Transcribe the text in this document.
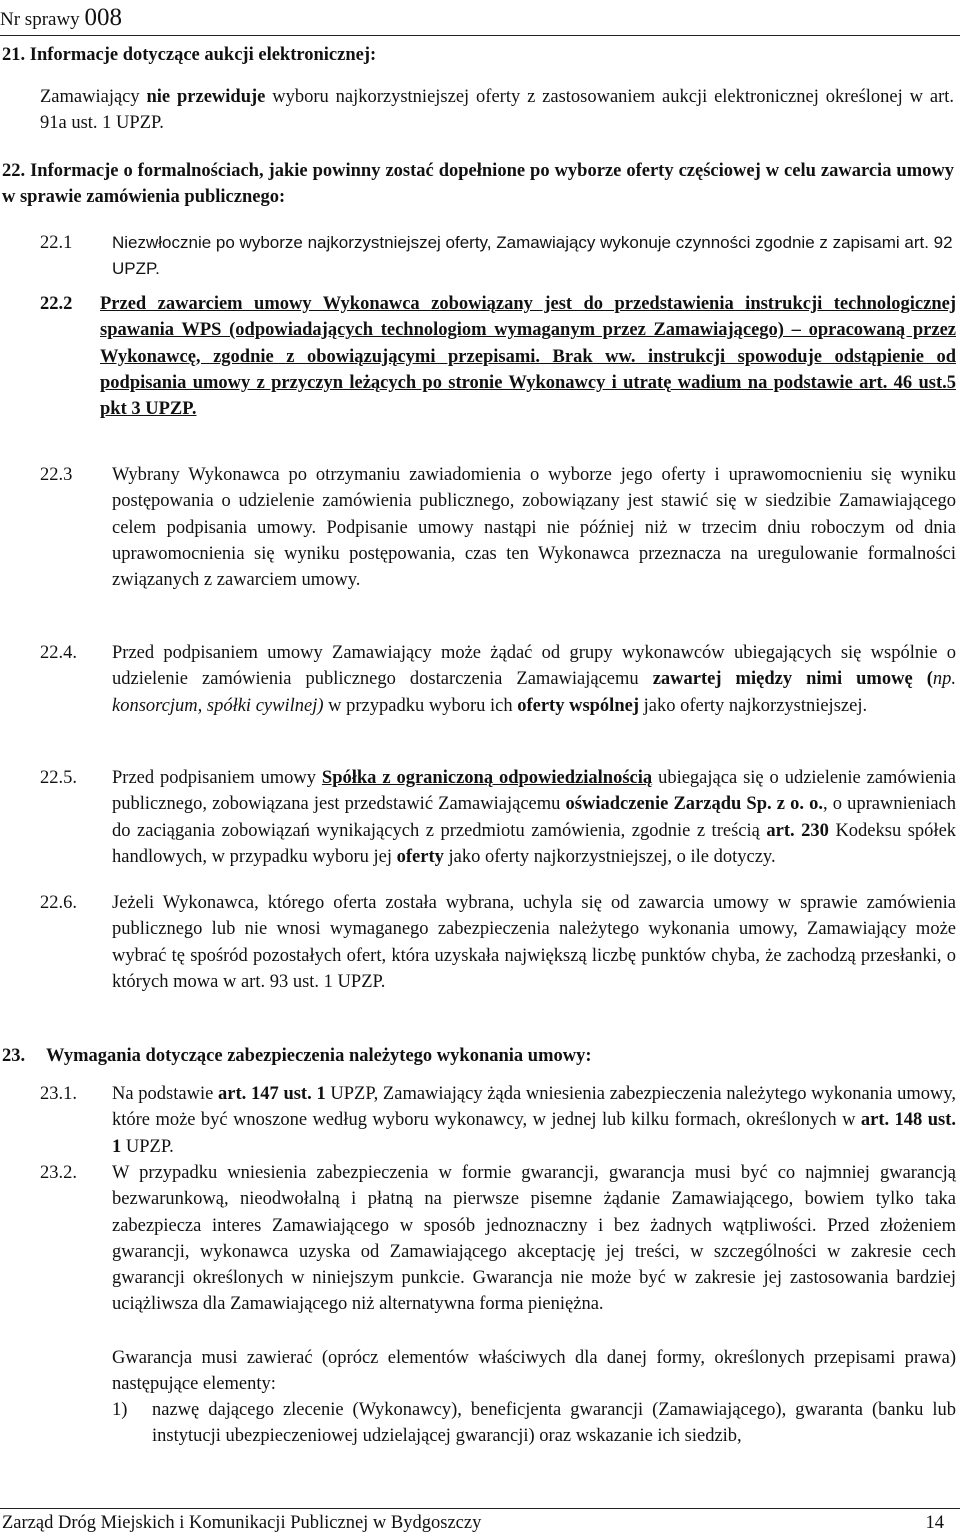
Nr sprawy 008
21. Informacje dotyczące aukcji elektronicznej:
Zamawiający nie przewiduje wyboru najkorzystniejszej oferty z zastosowaniem aukcji elektronicznej określonej w art. 91a ust. 1 UPZP.
22. Informacje o formalnościach, jakie powinny zostać dopełnione po wyborze oferty częściowej w celu zawarcia umowy w sprawie zamówienia publicznego:
22.1 Niezwłocznie po wyborze najkorzystniejszej oferty, Zamawiający wykonuje czynności zgodnie z zapisami art. 92 UPZP.
22.2 Przed zawarciem umowy Wykonawca zobowiązany jest do przedstawienia instrukcji technologicznej spawania WPS (odpowiadających technologiom wymaganym przez Zamawiającego) – opracowaną przez Wykonawcę, zgodnie z obowiązującymi przepisami. Brak ww. instrukcji spowoduje odstąpienie od podpisania umowy z przyczyn leżących po stronie Wykonawcy i utratę wadium na podstawie art. 46 ust.5 pkt 3 UPZP.
22.3 Wybrany Wykonawca po otrzymaniu zawiadomienia o wyborze jego oferty i uprawomocnieniu się wyniku postępowania o udzielenie zamówienia publicznego, zobowiązany jest stawić się w siedzibie Zamawiającego celem podpisania umowy. Podpisanie umowy nastąpi nie później niż w trzecim dniu roboczym od dnia uprawomocnienia się wyniku postępowania, czas ten Wykonawca przeznacza na uregulowanie formalności związanych z zawarciem umowy.
22.4. Przed podpisaniem umowy Zamawiający może żądać od grupy wykonawców ubiegających się wspólnie o udzielenie zamówienia publicznego dostarczenia Zamawiającemu zawartej między nimi umowę (np. konsorcjum, spółki cywilnej) w przypadku wyboru ich oferty wspólnej jako oferty najkorzystniejszej.
22.5. Przed podpisaniem umowy Spółka z ograniczoną odpowiedzialnością ubiegająca się o udzielenie zamówienia publicznego, zobowiązana jest przedstawić Zamawiającemu oświadczenie Zarządu Sp. z o. o., o uprawnieniach do zaciągania zobowiązań wynikających z przedmiotu zamówienia, zgodnie z treścią art. 230 Kodeksu spółek handlowych, w przypadku wyboru jej oferty jako oferty najkorzystniejszej, o ile dotyczy.
22.6. Jeżeli Wykonawca, którego oferta została wybrana, uchyla się od zawarcia umowy w sprawie zamówienia publicznego lub nie wnosi wymaganego zabezpieczenia należytego wykonania umowy, Zamawiający może wybrać tę spośród pozostałych ofert, która uzyskała największą liczbę punktów chyba, że zachodzą przesłanki, o których mowa w art. 93 ust. 1 UPZP.
23. Wymagania dotyczące zabezpieczenia należytego wykonania umowy:
23.1. Na podstawie art. 147 ust. 1 UPZP, Zamawiający żąda wniesienia zabezpieczenia należytego wykonania umowy, które może być wnoszone według wyboru wykonawcy, w jednej lub kilku formach, określonych w art. 148 ust. 1 UPZP.
23.2. W przypadku wniesienia zabezpieczenia w formie gwarancji, gwarancja musi być co najmniej gwarancją bezwarunkową, nieodwołalną i płatną na pierwsze pisemne żądanie Zamawiającego, bowiem tylko taka zabezpiecza interes Zamawiającego w sposób jednoznaczny i bez żadnych wątpliwości. Przed złożeniem gwarancji, wykonawca uzyska od Zamawiającego akceptację jej treści, w szczególności w zakresie cech gwarancji określonych w niniejszym punkcie. Gwarancja nie może być w zakresie jej zastosowania bardziej uciążliwsza dla Zamawiającego niż alternatywna forma pieniężna.
Gwarancja musi zawierać (oprócz elementów właściwych dla danej formy, określonych przepisami prawa) następujące elementy:
1) nazwę dającego zlecenie (Wykonawcy), beneficjenta gwarancji (Zamawiającego), gwaranta (banku lub instytucji ubezpieczeniowej udzielającej gwarancji) oraz wskazanie ich siedzib,
Zarząd Dróg Miejskich i Komunikacji Publicznej w Bydgoszczy	14
